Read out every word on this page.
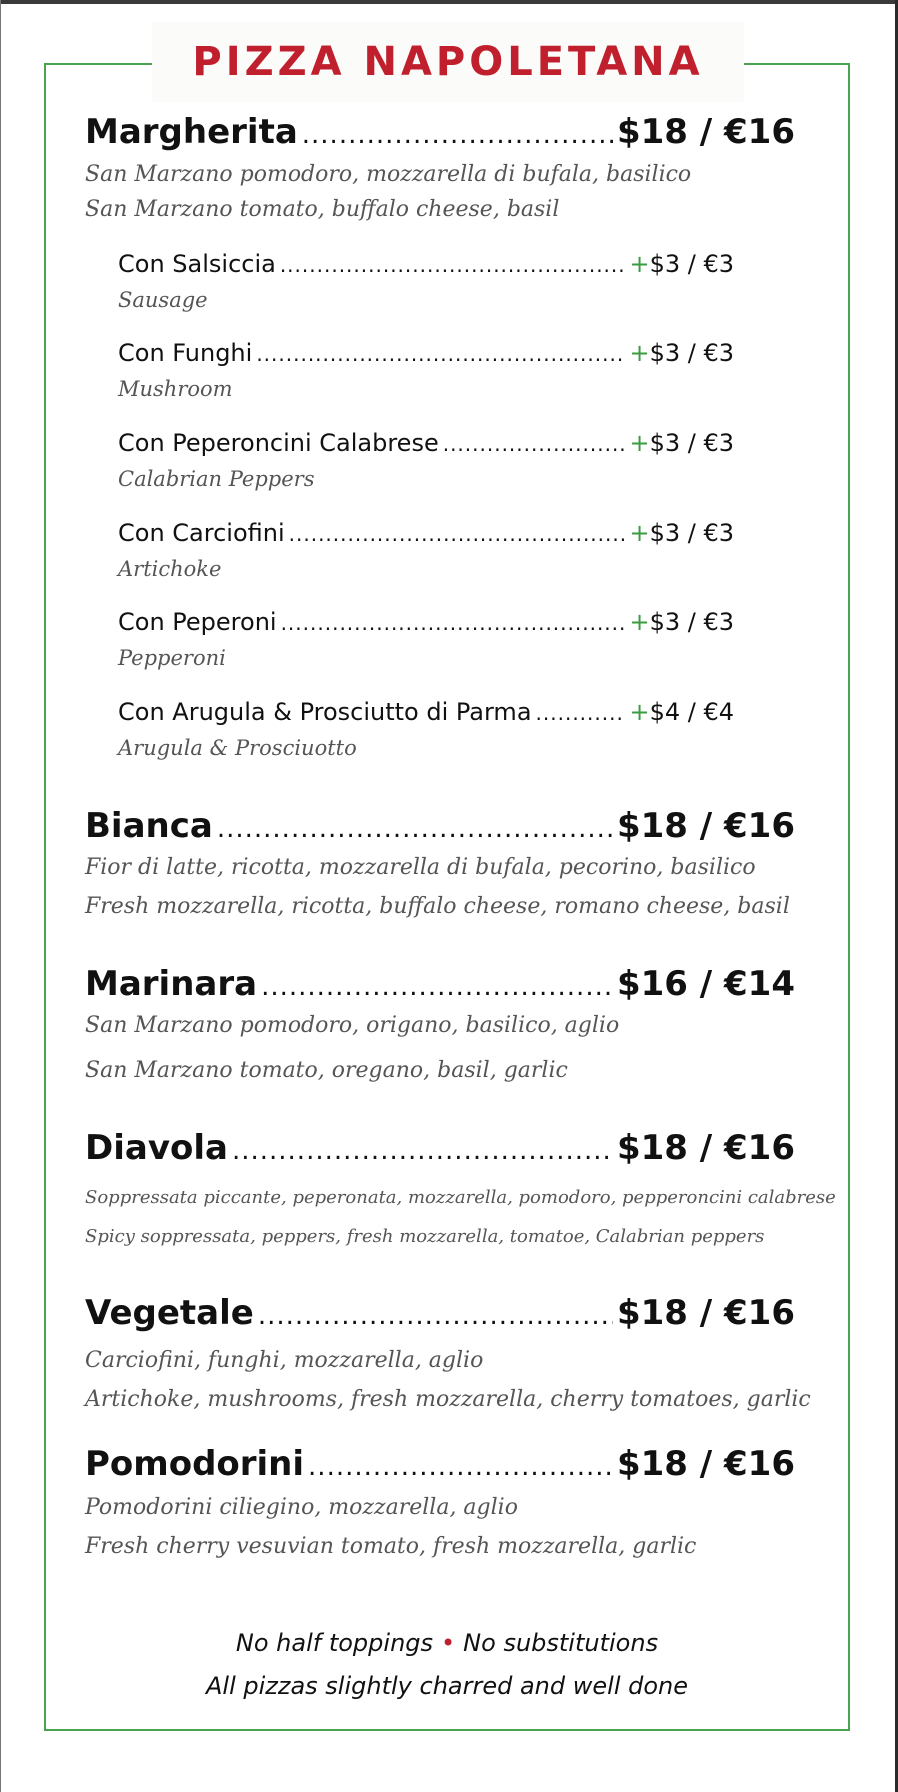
PIZZA NAPOLETANA
Margherita .....	$18 / €16
San Marzano pomodoro, mozzarella di bufala, basilico
San Marzano tomato, buffalo cheese, basil
Con Salsiccia .....	+$3 / €3
Sausage
Con Funghi .....	+$3 / €3
Mushroom
Con Peperoncini Calabrese .....	+$3 / €3
Calabrian Peppers
Con Carciofini .....	+$3 / €3
Artichoke
Con Peperoni .....	+$3 / €3
Pepperoni
Con Arugula & Prosciutto di Parma .....	+$4 / €4
Arugula & Prosciuotto
Bianca .....	$18 / €16
Fior di latte, ricotta, mozzarella di bufala, pecorino, basilico
Fresh mozzarella, ricotta, buffalo cheese, romano cheese, basil
Marinara .....	$16 / €14
San Marzano pomodoro, origano, basilico, aglio
San Marzano tomato, oregano, basil, garlic
Diavola .....	$18 / €16
Soppressata piccante, peperonata, mozzarella, pomodoro, pepperoncini calabrese
Spicy soppressata, peppers, fresh mozzarella, tomatoe, Calabrian peppers
Vegetale .....	$18 / €16
Carciofini, funghi, mozzarella, aglio
Artichoke, mushrooms, fresh mozzarella, cherry tomatoes, garlic
Pomodorini .....	$18 / €16
Pomodorini ciliegino, mozzarella, aglio
Fresh cherry vesuvian tomato, fresh mozzarella, garlic
No half toppings • No substitutions
All pizzas slightly charred and well done
